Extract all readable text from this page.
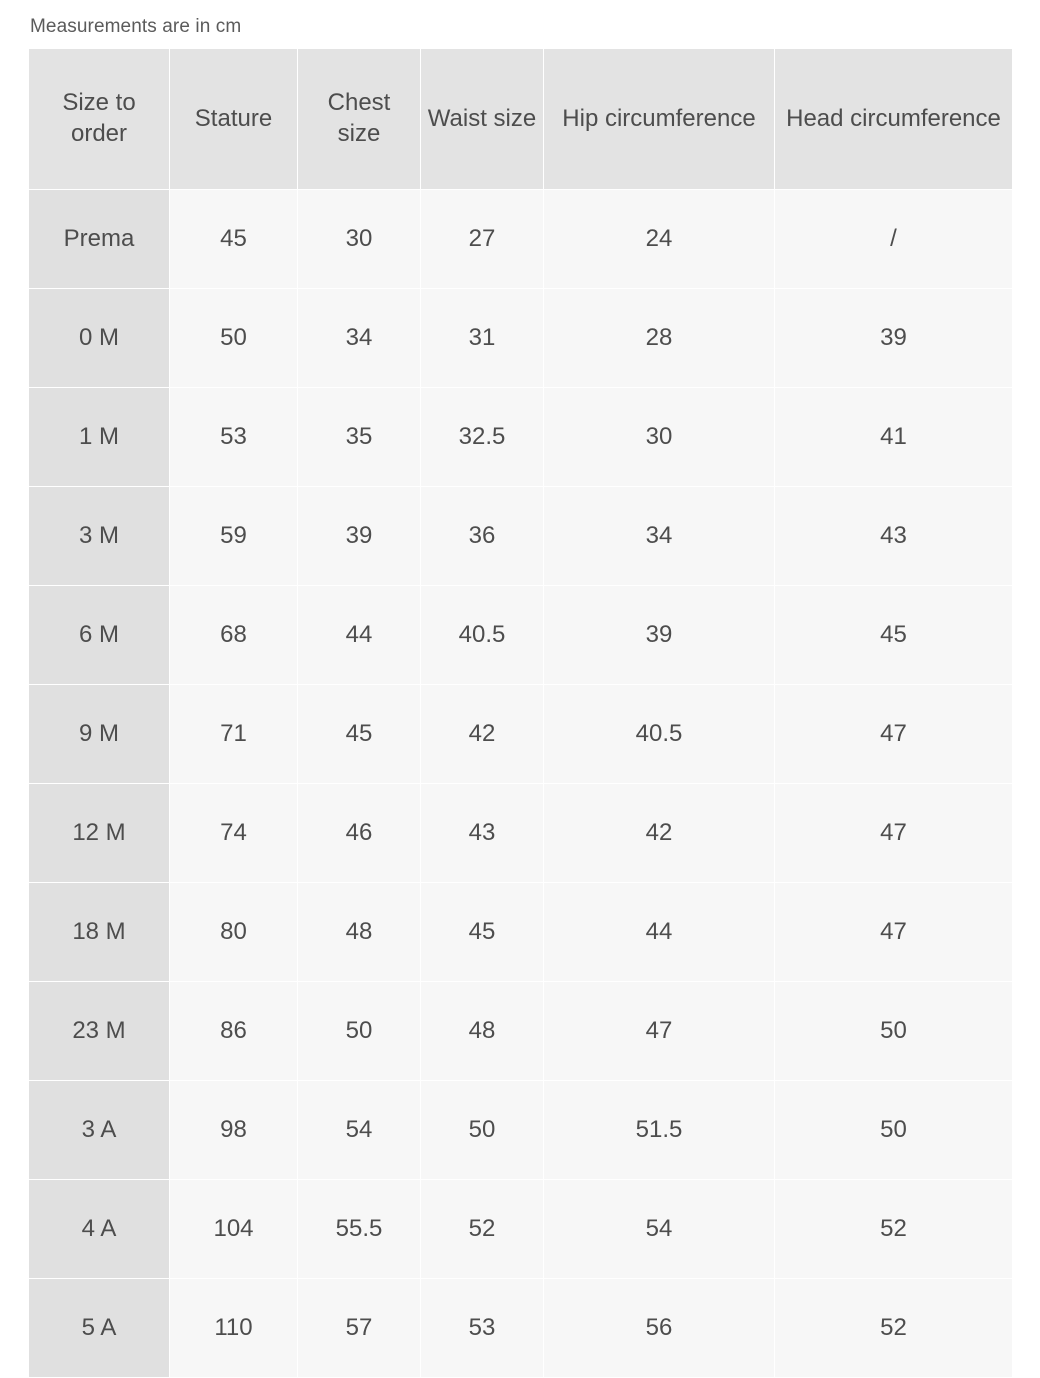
Measurements are in cm
Size to order	Stature	Chest size	Waist size	Hip circumference	Head circumference
Prema	45	30	27	24	/
0 M	50	34	31	28	39
1 M	53	35	32.5	30	41
3 M	59	39	36	34	43
6 M	68	44	40.5	39	45
9 M	71	45	42	40.5	47
12 M	74	46	43	42	47
18 M	80	48	45	44	47
23 M	86	50	48	47	50
3 A	98	54	50	51.5	50
4 A	104	55.5	52	54	52
5 A	110	57	53	56	52
